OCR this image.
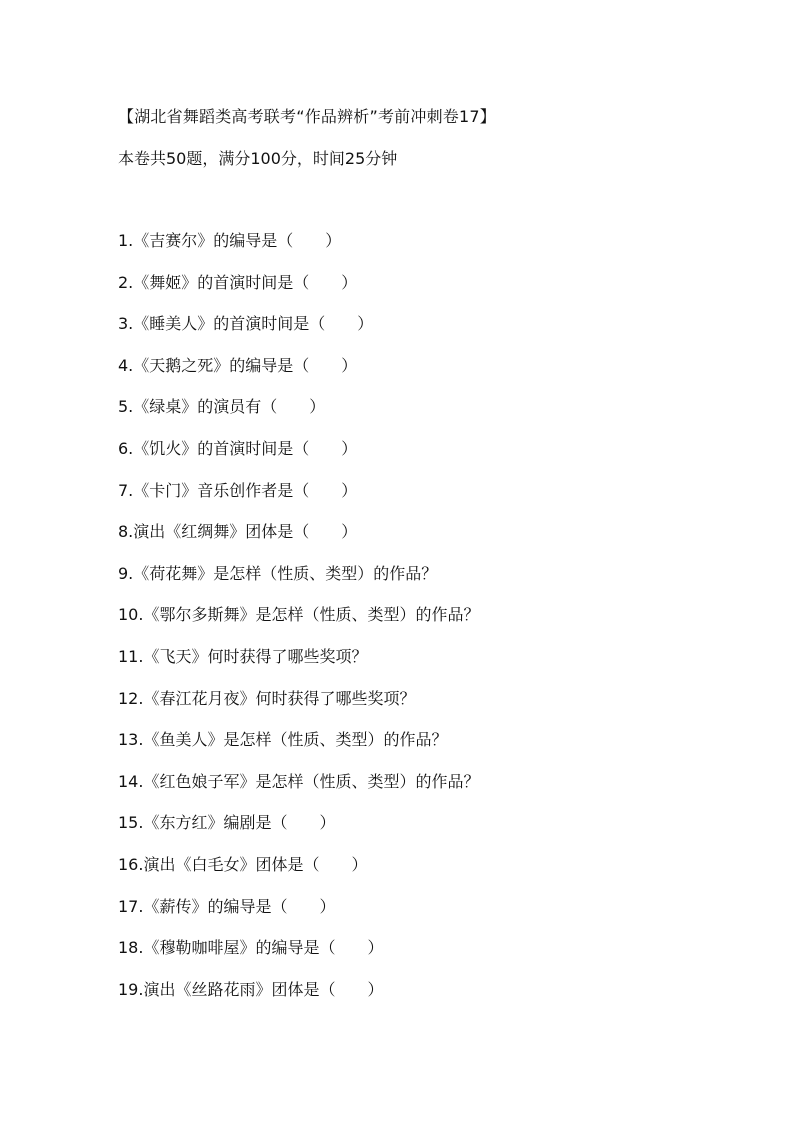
【湖北省舞蹈类高考联考“作品辨析”考前冲刺卷17】
本卷共50题，满分100分，时间25分钟
1.《吉赛尔》的编导是（　　）
2.《舞姬》的首演时间是（　　）
3.《睡美人》的首演时间是（　　）
4.《天鹅之死》的编导是（　　）
5.《绿桌》的演员有（　　）
6.《饥火》的首演时间是（　　）
7.《卡门》音乐创作者是（　　）
8.演出《红绸舞》团体是（　　）
9.《荷花舞》是怎样（性质、类型）的作品？
10.《鄂尔多斯舞》是怎样（性质、类型）的作品？
11.《飞天》何时获得了哪些奖项？
12.《春江花月夜》何时获得了哪些奖项？
13.《鱼美人》是怎样（性质、类型）的作品？
14.《红色娘子军》是怎样（性质、类型）的作品？
15.《东方红》编剧是（　　）
16.演出《白毛女》团体是（　　）
17.《薪传》的编导是（　　）
18.《穆勒咖啡屋》的编导是（　　）
19.演出《丝路花雨》团体是（　　）
